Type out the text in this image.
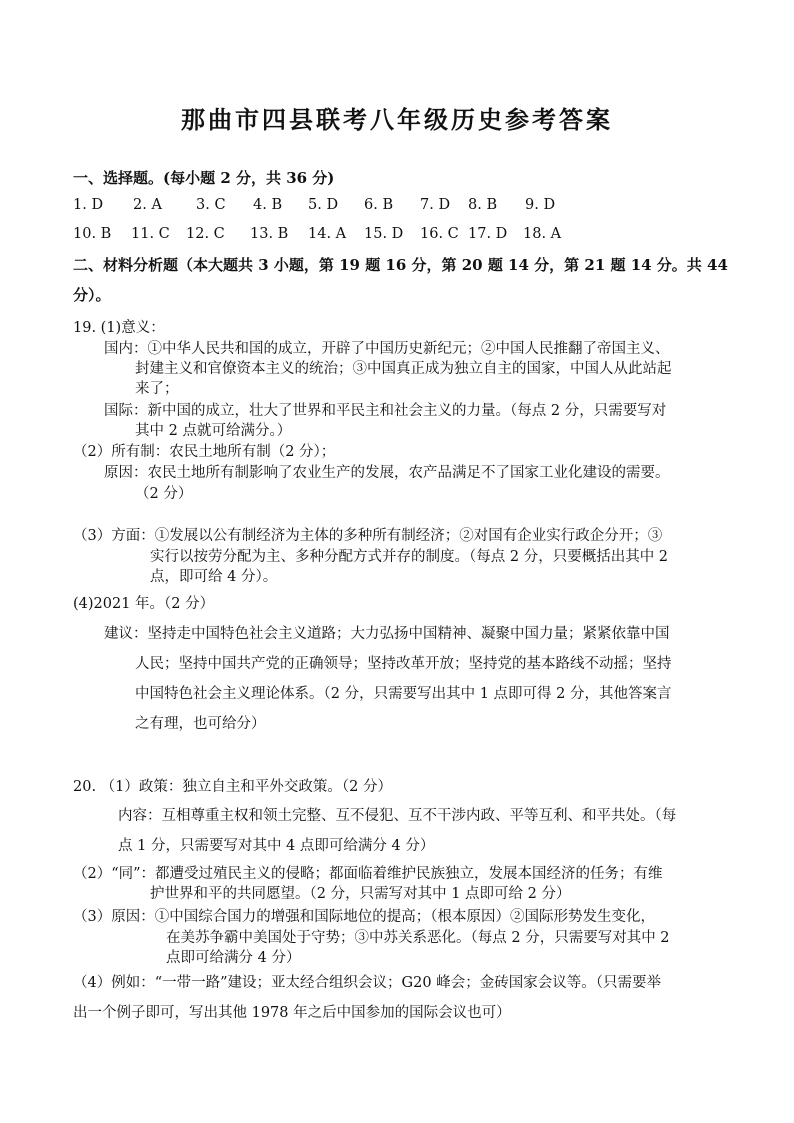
那曲市四县联考八年级历史参考答案
一、选择题。(每小题 2 分，共 36 分)
1. D 2. A 3. C 4. B 5. D 6. B 7. D 8. B 9. D
10. B 11. C 12. C 13. B 14. A 15. D 16. C 17. D 18. A
二、材料分析题（本大题共 3 小题，第 19 题 16 分，第 20 题 14 分，第 21 题 14 分。共 44
分）。
19. (1)意义：
国内：①中华人民共和国的成立，开辟了中国历史新纪元；②中国人民推翻了帝国主义、
封建主义和官僚资本主义的统治；③中国真正成为独立自主的国家，中国人从此站起
来了；
国际：新中国的成立，壮大了世界和平民主和社会主义的力量。（每点 2 分，只需要写对
其中 2 点就可给满分。）
（2）所有制：农民土地所有制（2 分）；
原因：农民土地所有制影响了农业生产的发展，农产品满足不了国家工业化建设的需要。
（2 分）
（3）方面：①发展以公有制经济为主体的多种所有制经济；②对国有企业实行政企分开；③
实行以按劳分配为主、多种分配方式并存的制度。（每点 2 分，只要概括出其中 2
点，即可给 4 分）。
(4)2021 年。（2 分）
建议：坚持走中国特色社会主义道路；大力弘扬中国精神、凝聚中国力量；紧紧依靠中国
人民；坚持中国共产党的正确领导；坚持改革开放；坚持党的基本路线不动摇；坚持
中国特色社会主义理论体系。（2 分，只需要写出其中 1 点即可得 2 分，其他答案言
之有理，也可给分）
20. （1）政策：独立自主和平外交政策。（2 分）
内容：互相尊重主权和领土完整、互不侵犯、互不干涉内政、平等互利、和平共处。（每
点 1 分，只需要写对其中 4 点即可给满分 4 分）
（2）“同”：都遭受过殖民主义的侵略；都面临着维护民族独立，发展本国经济的任务；有维
护世界和平的共同愿望。（2 分，只需写对其中 1 点即可给 2 分）
（3）原因：①中国综合国力的增强和国际地位的提高；（根本原因）②国际形势发生变化，
在美苏争霸中美国处于守势；③中苏关系恶化。（每点 2 分，只需要写对其中 2
点即可给满分 4 分）
（4）例如：“一带一路”建设；亚太经合组织会议；G20 峰会；金砖国家会议等。（只需要举
出一个例子即可，写出其他 1978 年之后中国参加的国际会议也可）
